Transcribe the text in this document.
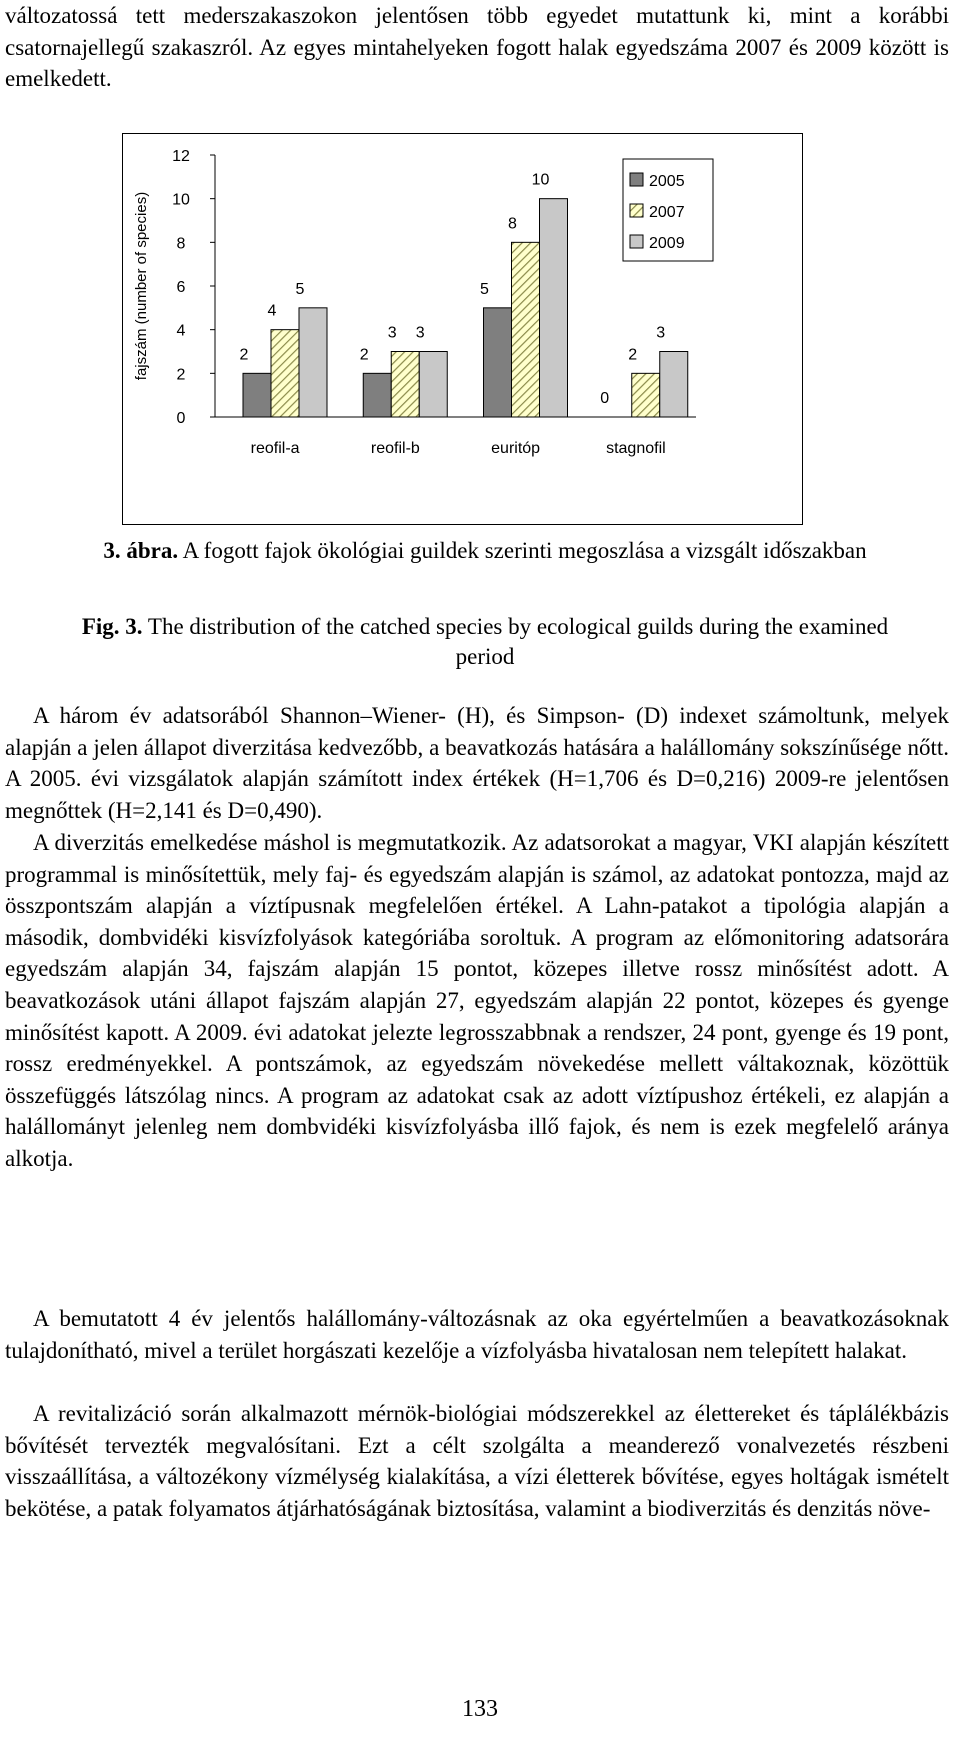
változatossá tett mederszakaszokon jelentősen több egyedet mutattunk ki, mint a korábbi csatornajellegű szakaszról. Az egyes mintahelyeken fogott halak egyedszáma 2007 és 2009 között is emelkedett.

0
2
4
6
8
10
12
fajszám (number of species)	2
4
5
reofil-a
2
3 3
reofil-b
5
8
10
euritóp
0
2
3
stagnofil
2005
2007
2009

3. ábra. A fogott fajok ökológiai guildek szerinti megoszlása a vizsgált időszakban

Fig. 3. The distribution of the catched species by ecological guilds during the examined period

A három év adatsorából Shannon–Wiener- (H), és Simpson- (D) indexet számoltunk, melyek alapján a jelen állapot diverzitása kedvezőbb, a beavatkozás hatására a halállomány sokszínűsége nőtt. A 2005. évi vizsgálatok alapján számított index értékek (H=1,706 és D=0,216) 2009-re jelentősen megnőttek (H=2,141 és D=0,490).

A diverzitás emelkedése máshol is megmutatkozik. Az adatsorokat a magyar, VKI alapján készített programmal is minősítettük, mely faj- és egyedszám alapján is számol, az adatokat pontozza, majd az összpontszám alapján a víztípusnak megfelelően értékel. A Lahn-patakot a tipológia alapján a második, dombvidéki kisvízfolyások kategóriába soroltuk. A program az előmonitoring adatsorára egyedszám alapján 34, fajszám alapján 15 pontot, közepes illetve rossz minősítést adott. A beavatkozások utáni állapot fajszám alapján 27, egyedszám alapján 22 pontot, közepes és gyenge minősítést kapott. A 2009. évi adatokat jelezte legrosszabbnak a rendszer, 24 pont, gyenge és 19 pont, rossz eredményekkel. A pontszámok, az egyedszám növekedése mellett váltakoznak, közöttük összefüggés látszólag nincs. A program az adatokat csak az adott víztípushoz értékeli, ez alapján a halállományt jelenleg nem dombvidéki kisvízfolyásba illő fajok, és nem is ezek megfelelő aránya alkotja.

A bemutatott 4 év jelentős halállomány-változásnak az oka egyértelműen a beavatkozásoknak tulajdonítható, mivel a terület horgászati kezelője a vízfolyásba hivatalosan nem telepített halakat.

A revitalizáció során alkalmazott mérnök-biológiai módszerekkel az élettereket és táplálékbázis bővítését tervezték megvalósítani. Ezt a célt szolgálta a meanderező vonalvezetés részbeni visszaállítása, a változékony vízmélység kialakítása, a vízi életterek bővítése, egyes holtágak ismételt bekötése, a patak folyamatos átjárhatóságának biztosítása, valamint a biodiverzitás és denzitás növe-

133
